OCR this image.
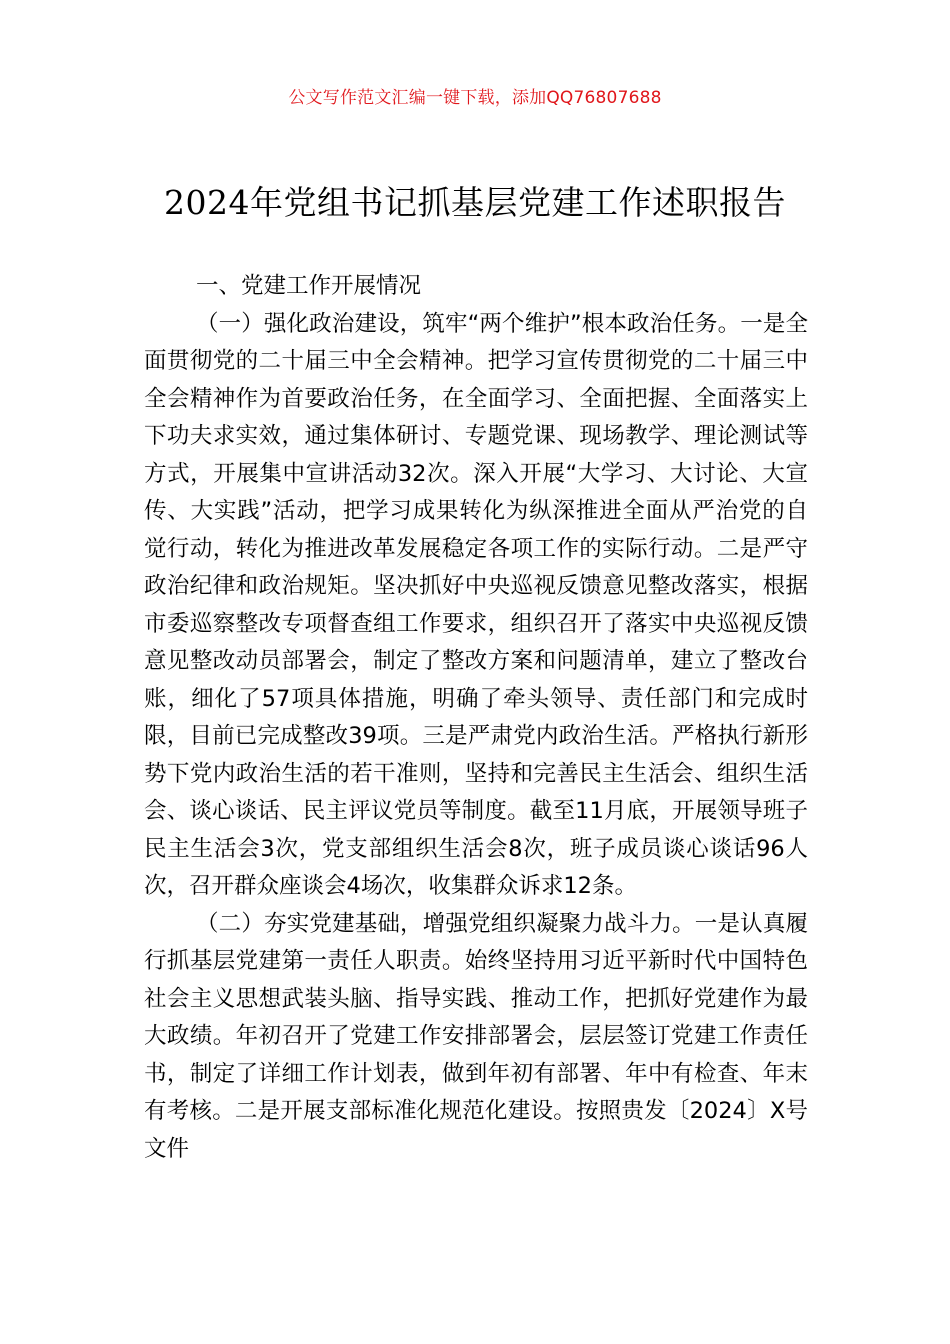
公文写作范文汇编一键下载，添加QQ76807688
2024年党组书记抓基层党建工作述职报告

一、党建工作开展情况

（一）强化政治建设，筑牢“两个维护”根本政治任务。一是全面贯彻党的二十届三中全会精神。把学习宣传贯彻党的二十届三中全会精神作为首要政治任务，在全面学习、全面把握、全面落实上下功夫求实效，通过集体研讨、专题党课、现场教学、理论测试等方式，开展集中宣讲活动32次。深入开展“大学习、大讨论、大宣传、大实践”活动，把学习成果转化为纵深推进全面从严治党的自觉行动，转化为推进改革发展稳定各项工作的实际行动。二是严守政治纪律和政治规矩。坚决抓好中央巡视反馈意见整改落实，根据市委巡察整改专项督查组工作要求，组织召开了落实中央巡视反馈意见整改动员部署会，制定了整改方案和问题清单，建立了整改台账，细化了57项具体措施，明确了牵头领导、责任部门和完成时限，目前已完成整改39项。三是严肃党内政治生活。严格执行新形势下党内政治生活的若干准则，坚持和完善民主生活会、组织生活会、谈心谈话、民主评议党员等制度。截至11月底，开展领导班子民主生活会3次，党支部组织生活会8次，班子成员谈心谈话96人次，召开群众座谈会4场次，收集群众诉求12条。

（二）夯实党建基础，增强党组织凝聚力战斗力。一是认真履行抓基层党建第一责任人职责。始终坚持用习近平新时代中国特色社会主义思想武装头脑、指导实践、推动工作，把抓好党建作为最大政绩。年初召开了党建工作安排部署会，层层签订党建工作责任书，制定了详细工作计划表，做到年初有部署、年中有检查、年末有考核。二是开展支部标准化规范化建设。按照贵发〔2024〕X号文件
